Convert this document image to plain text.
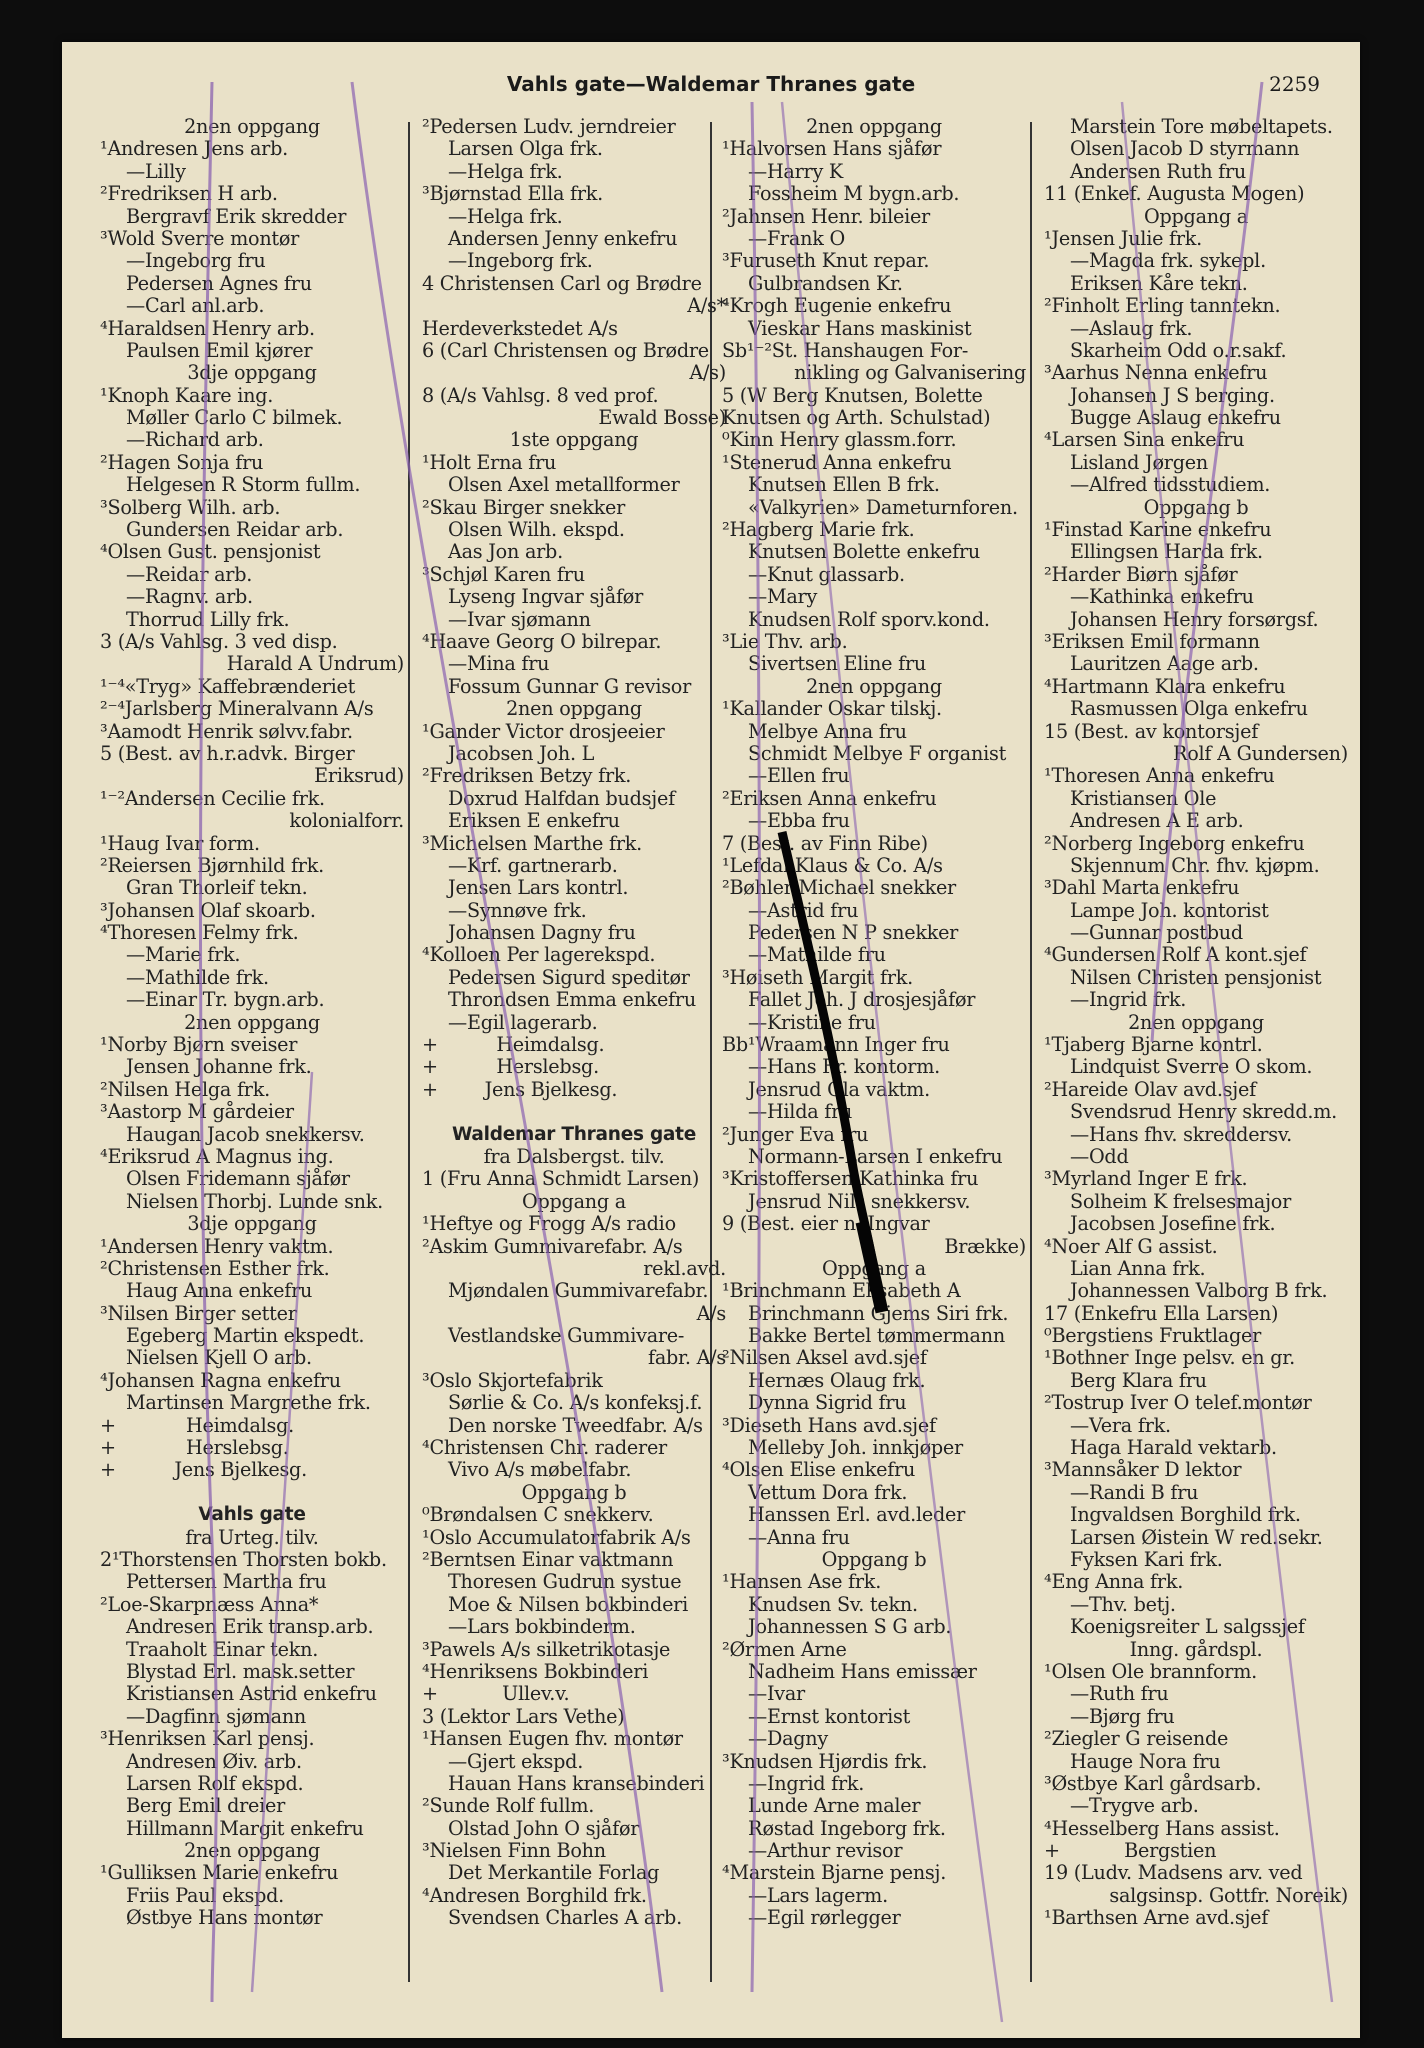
Vahls gate—Waldemar Thranes gate	2259
2nen oppgang
¹Andresen Jens arb.
—Lilly
²Fredriksen H arb.
Bergravf Erik skredder
³Wold Sverre montør
—Ingeborg fru
Pedersen Agnes fru
—Carl anl.arb.
⁴Haraldsen Henry arb.
Paulsen Emil kjører
3dje oppgang
¹Knoph Kaare ing.
Møller Carlo C bilmek.
—Richard arb.
²Hagen Sonja fru
Helgesen R Storm fullm.
³Solberg Wilh. arb.
Gundersen Reidar arb.
⁴Olsen Gust. pensjonist
—Reidar arb.
—Ragnv. arb.
Thorrud Lilly frk.
3 (A/s Vahlsg. 3 ved disp.
Harald A Undrum)
¹⁻⁴«Tryg» Kaffebrænderiet
²⁻⁴Jarlsberg Mineralvann A/s
³Aamodt Henrik sølvv.fabr.
5 (Best. av h.r.advk. Birger
Eriksrud)
¹⁻²Andersen Cecilie frk.
kolonialforr.
¹Haug Ivar form.
²Reiersen Bjørnhild frk.
Gran Thorleif tekn.
³Johansen Olaf skoarb.
⁴Thoresen Felmy frk.
—Marie frk.
—Mathilde frk.
—Einar Tr. bygn.arb.
2nen oppgang
¹Norby Bjørn sveiser
Jensen Johanne frk.
²Nilsen Helga frk.
³Aastorp M gårdeier
Haugan Jacob snekkersv.
⁴Eriksrud A Magnus ing.
Olsen Fridemann sjåfør
Nielsen Thorbj. Lunde snk.
3dje oppgang
¹Andersen Henry vaktm.
²Christensen Esther frk.
Haug Anna enkefru
³Nilsen Birger setter
Egeberg Martin ekspedt.
Nielsen Kjell O arb.
⁴Johansen Ragna enkefru
Martinsen Margrethe frk.
+            Heimdalsg.
+            Herslebsg.
+          Jens Bjelkesg.
Vahls gate
fra Urteg. tilv.
2¹Thorstensen Thorsten bokb.
Pettersen Martha fru
²Loe-Skarpnæss Anna*
Andresen Erik transp.arb.
Traaholt Einar tekn.
Blystad Erl. mask.setter
Kristiansen Astrid enkefru
—Dagfinn sjømann
³Henriksen Karl pensj.
Andresen Øiv. arb.
Larsen Rolf ekspd.
Berg Emil dreier
Hillmann Margit enkefru
2nen oppgang
¹Gulliksen Marie enkefru
Friis Paul ekspd.
Østbye Hans montør
²Pedersen Ludv. jerndreier
Larsen Olga frk.
—Helga frk.
³Bjørnstad Ella frk.
—Helga frk.
Andersen Jenny enkefru
—Ingeborg frk.
4 Christensen Carl og Brødre
A/s*
Herdeverkstedet A/s
6 (Carl Christensen og Brødre
A/s)
8 (A/s Vahlsg. 8 ved prof.
Ewald Bosse)
1ste oppgang
¹Holt Erna fru
Olsen Axel metallformer
²Skau Birger snekker
Olsen Wilh. ekspd.
Aas Jon arb.
³Schjøl Karen fru
Lyseng Ingvar sjåfør
—Ivar sjømann
⁴Haave Georg O bilrepar.
—Mina fru
Fossum Gunnar G revisor
2nen oppgang
¹Gander Victor drosjeeier
Jacobsen Joh. L
²Fredriksen Betzy frk.
Doxrud Halfdan budsjef
Eriksen E enkefru
³Michelsen Marthe frk.
—Krf. gartnerarb.
Jensen Lars kontrl.
—Synnøve frk.
Johansen Dagny fru
⁴Kolloen Per lagerekspd.
Pedersen Sigurd speditør
Throndsen Emma enkefru
—Egil lagerarb.
+          Heimdalsg.
+          Herslebsg.
+        Jens Bjelkesg.
Waldemar Thranes gate
fra Dalsbergst. tilv.
1 (Fru Anna Schmidt Larsen)
Oppgang a
¹Heftye og Frogg A/s radio
²Askim Gummivarefabr. A/s
rekl.avd.
Mjøndalen Gummivarefabr.
A/s
Vestlandske Gummivare-
fabr. A/s
³Oslo Skjortefabrik
Sørlie & Co. A/s konfeksj.f.
Den norske Tweedfabr. A/s
⁴Christensen Chr. raderer
Vivo A/s møbelfabr.
Oppgang b
⁰Brøndalsen C snekkerv.
¹Oslo Accumulatorfabrik A/s
²Berntsen Einar vaktmann
Thoresen Gudrun systue
Moe & Nilsen bokbinderi
—Lars bokbinderm.
³Pawels A/s silketrikotasje
⁴Henriksens Bokbinderi
+           Ullev.v.
3 (Lektor Lars Vethe)
¹Hansen Eugen fhv. montør
—Gjert ekspd.
Hauan Hans kransebinderi
²Sunde Rolf fullm.
Olstad John O sjåfør
³Nielsen Finn Bohn
Det Merkantile Forlag
⁴Andresen Borghild frk.
Svendsen Charles A arb.
2nen oppgang
¹Halvorsen Hans sjåfør
—Harry K
Fossheim M bygn.arb.
²Jahnsen Henr. bileier
—Frank O
³Furuseth Knut repar.
Gulbrandsen Kr.
⁴Krogh Eugenie enkefru
Vieskar Hans maskinist
Sb¹⁻²St. Hanshaugen For-
nikling og Galvanisering
5 (W Berg Knutsen, Bolette
Knutsen og Arth. Schulstad)
⁰Kinn Henry glassm.forr.
¹Stenerud Anna enkefru
Knutsen Ellen B frk.
«Valkyrien» Dameturnforen.
²Hagberg Marie frk.
Knutsen Bolette enkefru
—Knut glassarb.
—Mary
Knudsen Rolf sporv.kond.
³Lie Thv. arb.
Sivertsen Eline fru
2nen oppgang
¹Kallander Oskar tilskj.
Melbye Anna fru
Schmidt Melbye F organist
—Ellen fru
²Eriksen Anna enkefru
—Ebba fru
7 (Best. av Finn Ribe)
¹Lefdal Klaus & Co. A/s
²Bøhler Michael snekker
—Astrid fru
Pedersen N P snekker
—Mathilde fru
³Høiseth Margit frk.
Fallet Joh. J drosjesjåfør
—Kristine fru
Bb¹Wraamann Inger fru
—Hans Fr. kontorm.
Jensrud Ola vaktm.
—Hilda fru
²Junger Eva fru
Normann-Larsen I enkefru
³Kristoffersen Kathinka fru
Jensrud Nils snekkersv.
9 (Best. eier n. Ingvar
Brække)
Oppgang a
¹Brinchmann Elisabeth A
Brinchmann Gjems Siri frk.
Bakke Bertel tømmermann
²Nilsen Aksel avd.sjef
Hernæs Olaug frk.
Dynna Sigrid fru
³Dieseth Hans avd.sjef
Melleby Joh. innkjøper
⁴Olsen Elise enkefru
Vettum Dora frk.
Hanssen Erl. avd.leder
—Anna fru
Oppgang b
¹Hansen Ase frk.
Knudsen Sv. tekn.
Johannessen S G arb.
²Ørmen Arne
Nadheim Hans emissær
—Ivar
—Ernst kontorist
—Dagny
³Knudsen Hjørdis frk.
—Ingrid frk.
Lunde Arne maler
Røstad Ingeborg frk.
—Arthur revisor
⁴Marstein Bjarne pensj.
—Lars lagerm.
—Egil rørlegger
Marstein Tore møbeltapets.
Olsen Jacob D styrmann
Andersen Ruth fru
11 (Enkef. Augusta Mogen)
Oppgang a
¹Jensen Julie frk.
—Magda frk. sykepl.
Eriksen Kåre tekn.
²Finholt Erling tanntekn.
—Aslaug frk.
Skarheim Odd o.r.sakf.
³Aarhus Nenna enkefru
Johansen J S berging.
Bugge Aslaug enkefru
⁴Larsen Sina enkefru
Lisland Jørgen
—Alfred tidsstudiem.
Oppgang b
¹Finstad Karine enkefru
Ellingsen Harda frk.
²Harder Biørn sjåfør
—Kathinka enkefru
Johansen Henry forsørgsf.
³Eriksen Emil formann
Lauritzen Aage arb.
⁴Hartmann Klara enkefru
Rasmussen Olga enkefru
15 (Best. av kontorsjef
Rolf A Gundersen)
¹Thoresen Anna enkefru
Kristiansen Ole
Andresen A E arb.
²Norberg Ingeborg enkefru
Skjennum Chr. fhv. kjøpm.
³Dahl Marta enkefru
Lampe Joh. kontorist
—Gunnar postbud
⁴Gundersen Rolf A kont.sjef
Nilsen Christen pensjonist
—Ingrid frk.
2nen oppgang
¹Tjaberg Bjarne kontrl.
Lindquist Sverre O skom.
²Hareide Olav avd.sjef
Svendsrud Henry skredd.m.
—Hans fhv. skreddersv.
—Odd
³Myrland Inger E frk.
Solheim K frelsesmajor
Jacobsen Josefine frk.
⁴Noer Alf G assist.
Lian Anna frk.
Johannessen Valborg B frk.
17 (Enkefru Ella Larsen)
⁰Bergstiens Fruktlager
¹Bothner Inge pelsv. en gr.
Berg Klara fru
²Tostrup Iver O telef.montør
—Vera frk.
Haga Harald vektarb.
³Mannsåker D lektor
—Randi B fru
Ingvaldsen Borghild frk.
Larsen Øistein W red.sekr.
Fyksen Kari frk.
⁴Eng Anna frk.
—Thv. betj.
Koenigsreiter L salgssjef
Inng. gårdspl.
¹Olsen Ole brannform.
—Ruth fru
—Bjørg fru
²Ziegler G reisende
Hauge Nora fru
³Østbye Karl gårdsarb.
—Trygve arb.
⁴Hesselberg Hans assist.
+           Bergstien
19 (Ludv. Madsens arv. ved
salgsinsp. Gottfr. Noreik)
¹Barthsen Arne avd.sjef
